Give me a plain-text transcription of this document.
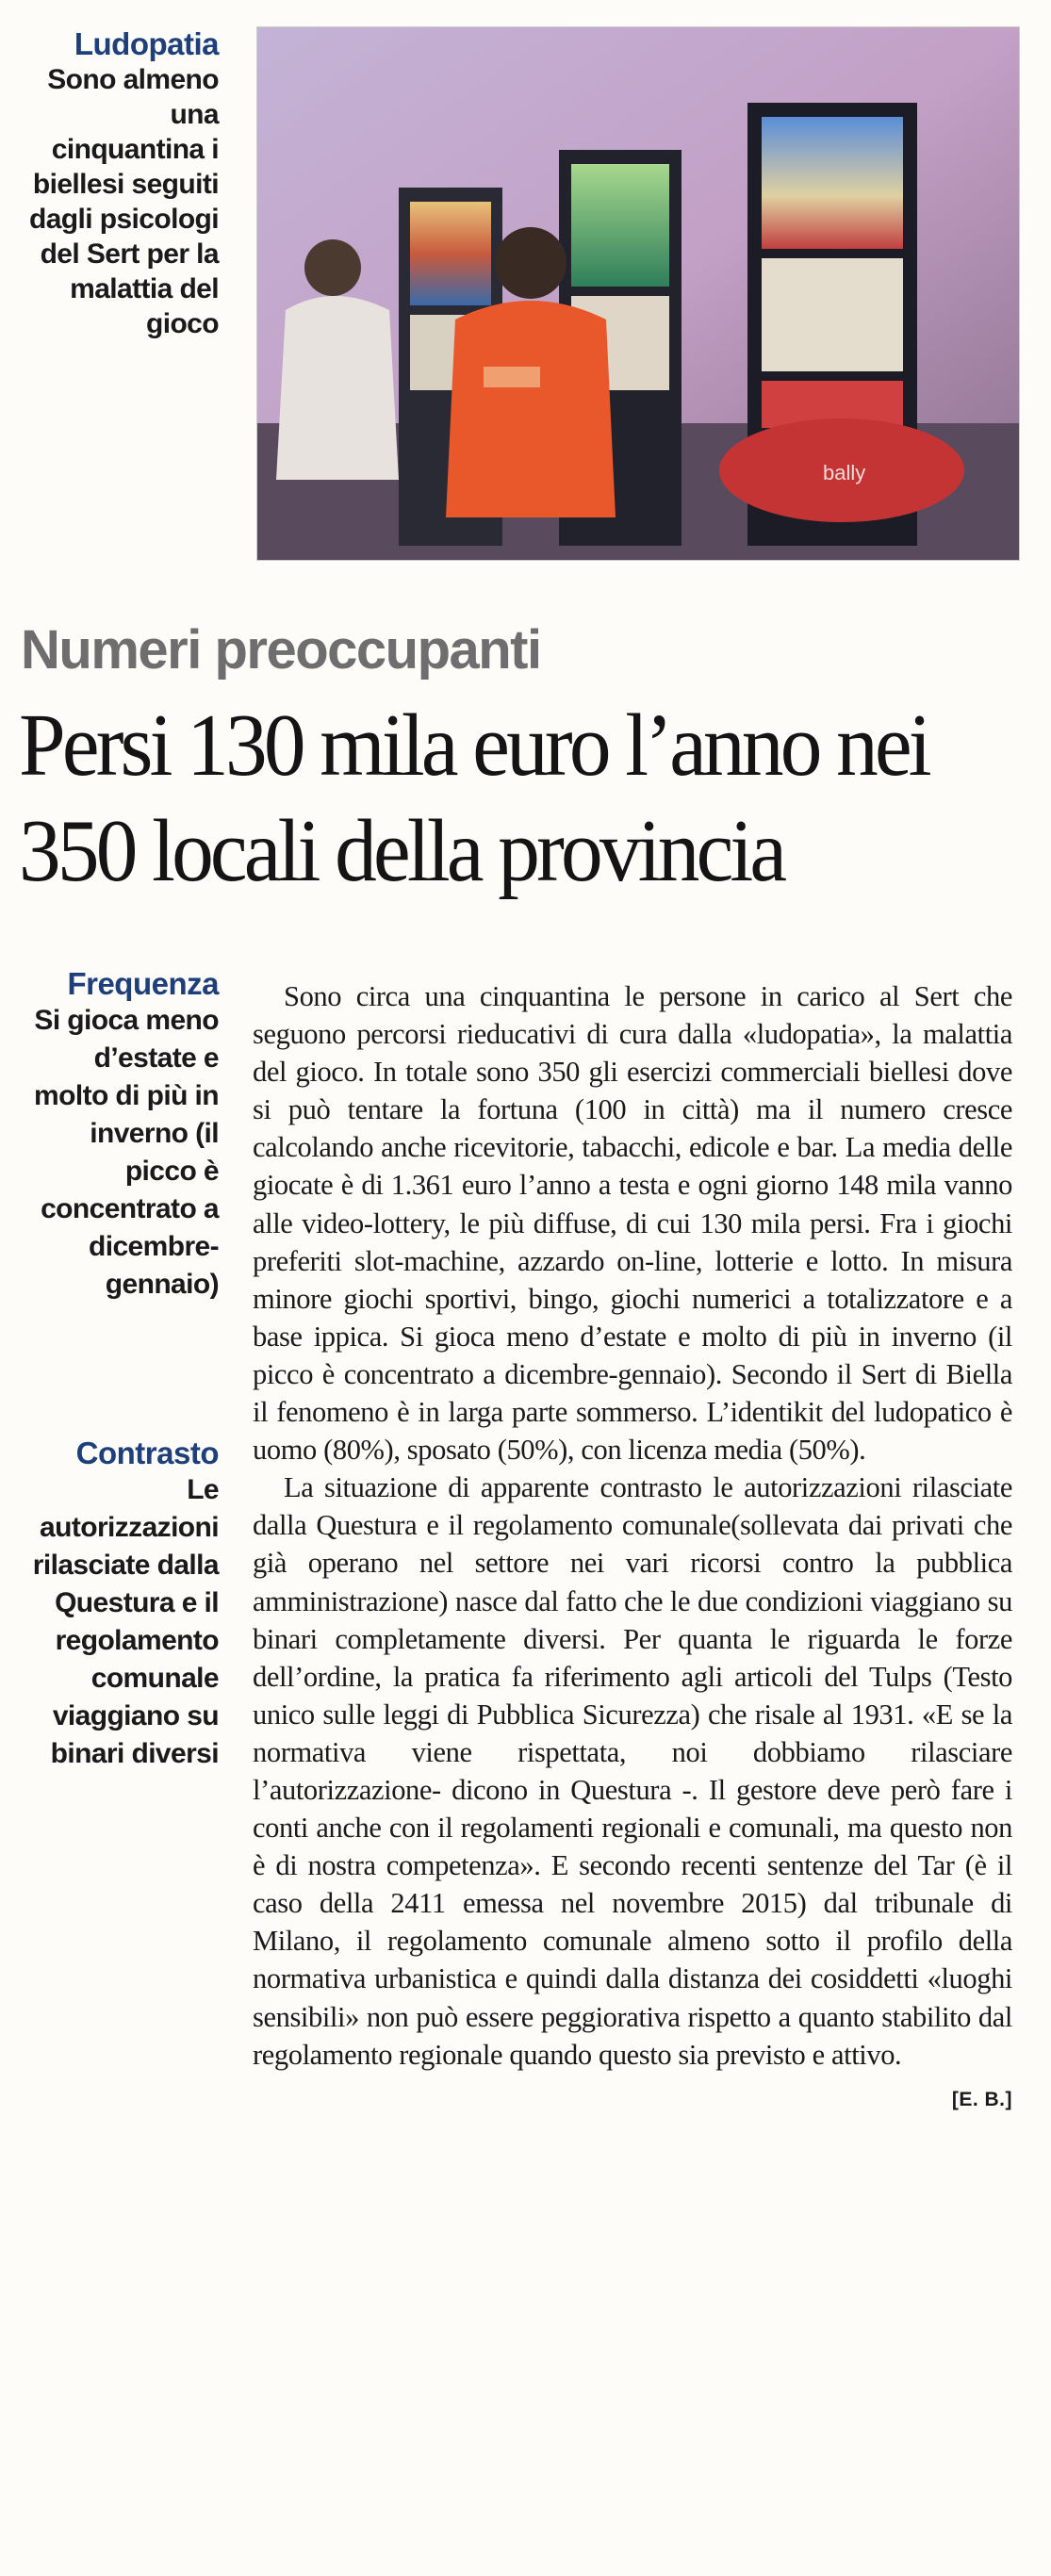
Ludopatia
Sono almeno una cinquantina i biellesi seguiti dagli psicologi del Sert per la malattia del gioco
bally
Numeri preoccupanti
Persi 130 mila euro l’anno nei 350 locali della provincia
Frequenza
Si gioca meno d’estate e molto di più in inverno (il picco è concentrato a dicembre-gennaio)
Contrasto
Le autorizzazioni rilasciate dalla Questura e il regolamento comunale viaggiano su binari diversi

Sono circa una cinquantina le persone in carico al Sert che seguono percorsi rieducativi di cura dalla «ludopatia», la malattia del gioco. In totale sono 350 gli esercizi commerciali biellesi dove si può tentare la fortuna (100 in città) ma il numero cresce calcolando anche ricevitorie, tabacchi, edicole e bar. La media delle giocate è di 1.361 euro l’anno a testa e ogni giorno 148 mila vanno alle video-lottery, le più diffuse, di cui 130 mila persi. Fra i giochi preferiti slot-machine, azzardo on-line, lotterie e lotto. In misura minore giochi sportivi, bingo, giochi numerici a totalizzatore e a base ippica. Si gioca meno d’estate e molto di più in inverno (il picco è concentrato a dicembre-gennaio). Secondo il Sert di Biella il fenomeno è in larga parte sommerso. L’identikit del ludopatico è uomo (80%), sposato (50%), con licenza media (50%).

La situazione di apparente contrasto le autorizzazioni rilasciate dalla Questura e il regolamento comunale(sollevata dai privati che già operano nel settore nei vari ricorsi contro la pubblica amministrazione) nasce dal fatto che le due condizioni viaggiano su binari completamente diversi. Per quanta le riguarda le forze dell’ordine, la pratica fa riferimento agli articoli del Tulps (Testo unico sulle leggi di Pubblica Sicurezza) che risale al 1931. «E se la normativa viene rispettata, noi dobbiamo rilasciare l’autorizzazione- dicono in Questura -. Il gestore deve però fare i conti anche con il regolamenti regionali e comunali, ma questo non è di nostra competenza». E secondo recenti sentenze del Tar (è il caso della 2411 emessa nel novembre 2015) dal tribunale di Milano, il regolamento comunale almeno sotto il profilo della normativa urbanistica e quindi dalla distanza dei cosiddetti «luoghi sensibili» non può essere peggiorativa rispetto a quanto stabilito dal regolamento regionale quando questo sia previsto e attivo.

[E. B.]
